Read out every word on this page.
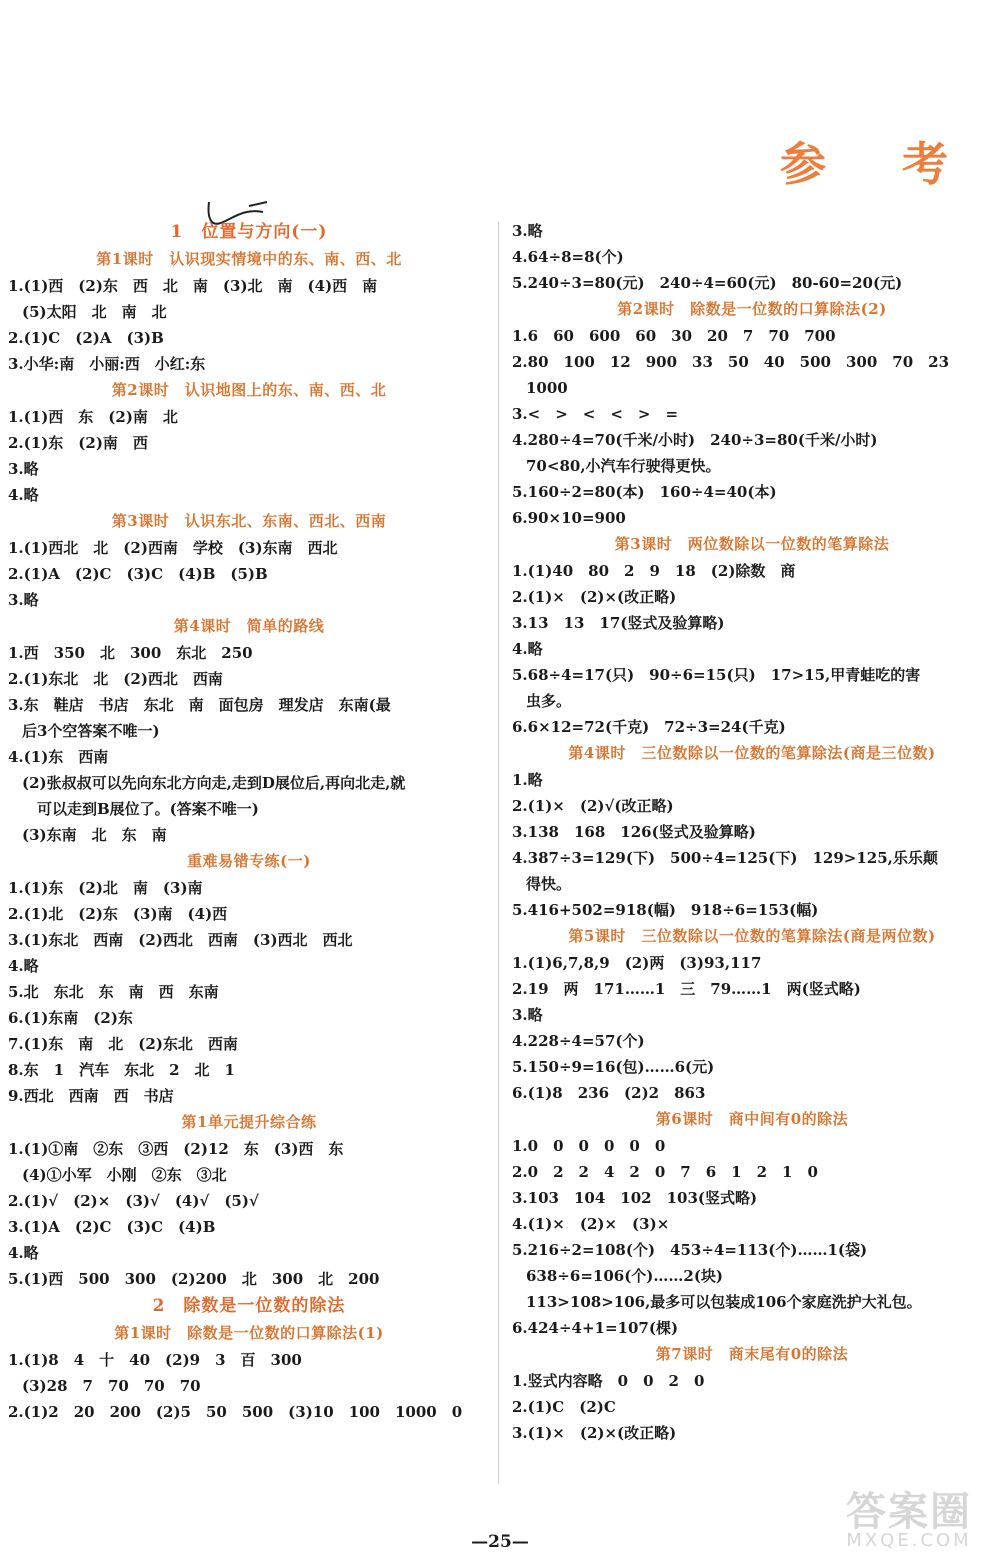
参 考
1　位置与方向(一)
第1课时　认识现实情境中的东、南、西、北
1.(1)西　(2)东　西　北　南　(3)北　南　(4)西　南
(5)太阳　北　南　北
2.(1)C　(2)A　(3)B
3.小华:南　小丽:西　小红:东
第2课时　认识地图上的东、南、西、北
1.(1)西　东　(2)南　北
2.(1)东　(2)南　西
3.略
4.略
第3课时　认识东北、东南、西北、西南
1.(1)西北　北　(2)西南　学校　(3)东南　西北
2.(1)A　(2)C　(3)C　(4)B　(5)B
3.略
第4课时　简单的路线
1.西　350　北　300　东北　250
2.(1)东北　北　(2)西北　西南
3.东　鞋店　书店　东北　南　面包房　理发店　东南(最
后3个空答案不唯一)
4.(1)东　西南
(2)张叔叔可以先向东北方向走,走到D展位后,再向北走,就
　可以走到B展位了。(答案不唯一)
(3)东南　北　东　南
重难易错专练(一)
1.(1)东　(2)北　南　(3)南
2.(1)北　(2)东　(3)南　(4)西
3.(1)东北　西南　(2)西北　西南　(3)西北　西北
4.略
5.北　东北　东　南　西　东南
6.(1)东南　(2)东
7.(1)东　南　北　(2)东北　西南
8.东　1　汽车　东北　2　北　1
9.西北　西南　西　书店
第1单元提升综合练
1.(1)①南　②东　③西　(2)12　东　(3)西　东
(4)①小军　小刚　②东　③北
2.(1)√　(2)×　(3)√　(4)√　(5)√
3.(1)A　(2)C　(3)C　(4)B
4.略
5.(1)西　500　300　(2)200　北　300　北　200
2　除数是一位数的除法
第1课时　除数是一位数的口算除法(1)
1.(1)8　4　十　40　(2)9　3　百　300
(3)28　7　70　70　70
2.(1)2　20　200　(2)5　50　500　(3)10　100　1000　0
3.略
4.64÷8=8(个)
5.240÷3=80(元)　240÷4=60(元)　80-60=20(元)
第2课时　除数是一位数的口算除法(2)
1.6　60　600　60　30　20　7　70　700
2.80　100　12　900　33　50　40　500　300　70　23
1000
3.<　>　<　<　>　=
4.280÷4=70(千米/小时)　240÷3=80(千米/小时)
70<80,小汽车行驶得更快。
5.160÷2=80(本)　160÷4=40(本)
6.90×10=900
第3课时　两位数除以一位数的笔算除法
1.(1)40　80　2　9　18　(2)除数　商
2.(1)×　(2)×(改正略)
3.13　13　17(竖式及验算略)
4.略
5.68÷4=17(只)　90÷6=15(只)　17>15,甲青蛙吃的害
虫多。
6.6×12=72(千克)　72÷3=24(千克)
第4课时　三位数除以一位数的笔算除法(商是三位数)
1.略
2.(1)×　(2)√(改正略)
3.138　168　126(竖式及验算略)
4.387÷3=129(下)　500÷4=125(下)　129>125,乐乐颠
得快。
5.416+502=918(幅)　918÷6=153(幅)
第5课时　三位数除以一位数的笔算除法(商是两位数)
1.(1)6,7,8,9　(2)两　(3)93,117
2.19　两　171……1　三　79……1　两(竖式略)
3.略
4.228÷4=57(个)
5.150÷9=16(包)……6(元)
6.(1)8　236　(2)2　863
第6课时　商中间有0的除法
1.0　0　0　0　0　0
2.0　2　2　4　2　0　7　6　1　2　1　0
3.103　104　102　103(竖式略)
4.(1)×　(2)×　(3)×
5.216÷2=108(个)　453÷4=113(个)……1(袋)
638÷6=106(个)……2(块)
113>108>106,最多可以包装成106个家庭洗护大礼包。
6.424÷4+1=107(棵)
第7课时　商末尾有0的除法
1.竖式内容略　0　0　2　0
2.(1)C　(2)C
3.(1)×　(2)×(改正略)
—25—
答案圈
MXQE.COM
